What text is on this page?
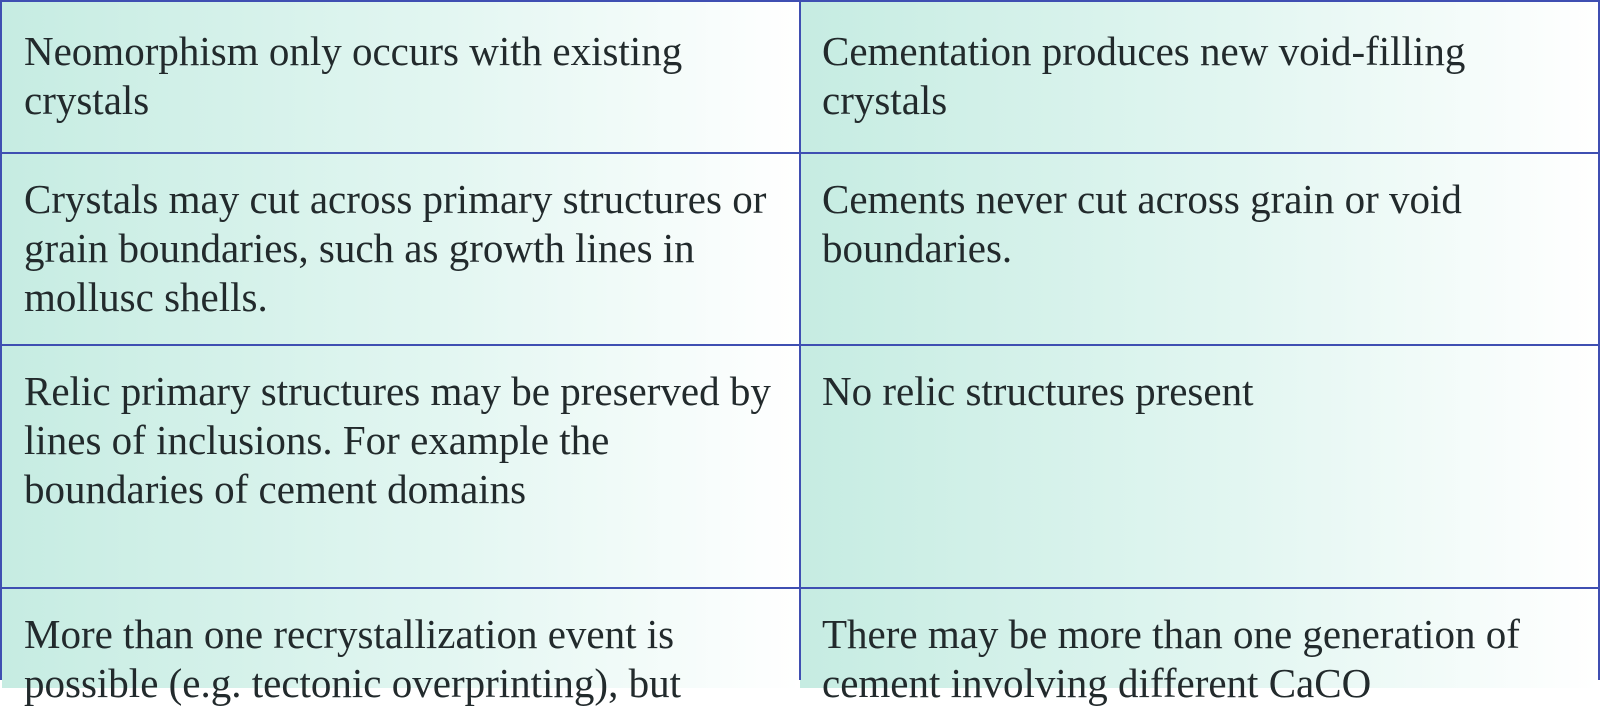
Neomorphism only occurs with existing crystals
Cementation produces new void-filling crystals
Crystals may cut across primary structures or grain boundaries, such as growth lines in mollusc shells.
Cements never cut across grain or void boundaries.
Relic primary structures may be preserved by lines of inclusions. For example the boundaries of cement domains
No relic structures present
More than one recrystallization event is possible (e.g. tectonic overprinting), but
There may be more than one generation of cement involving different CaCO
